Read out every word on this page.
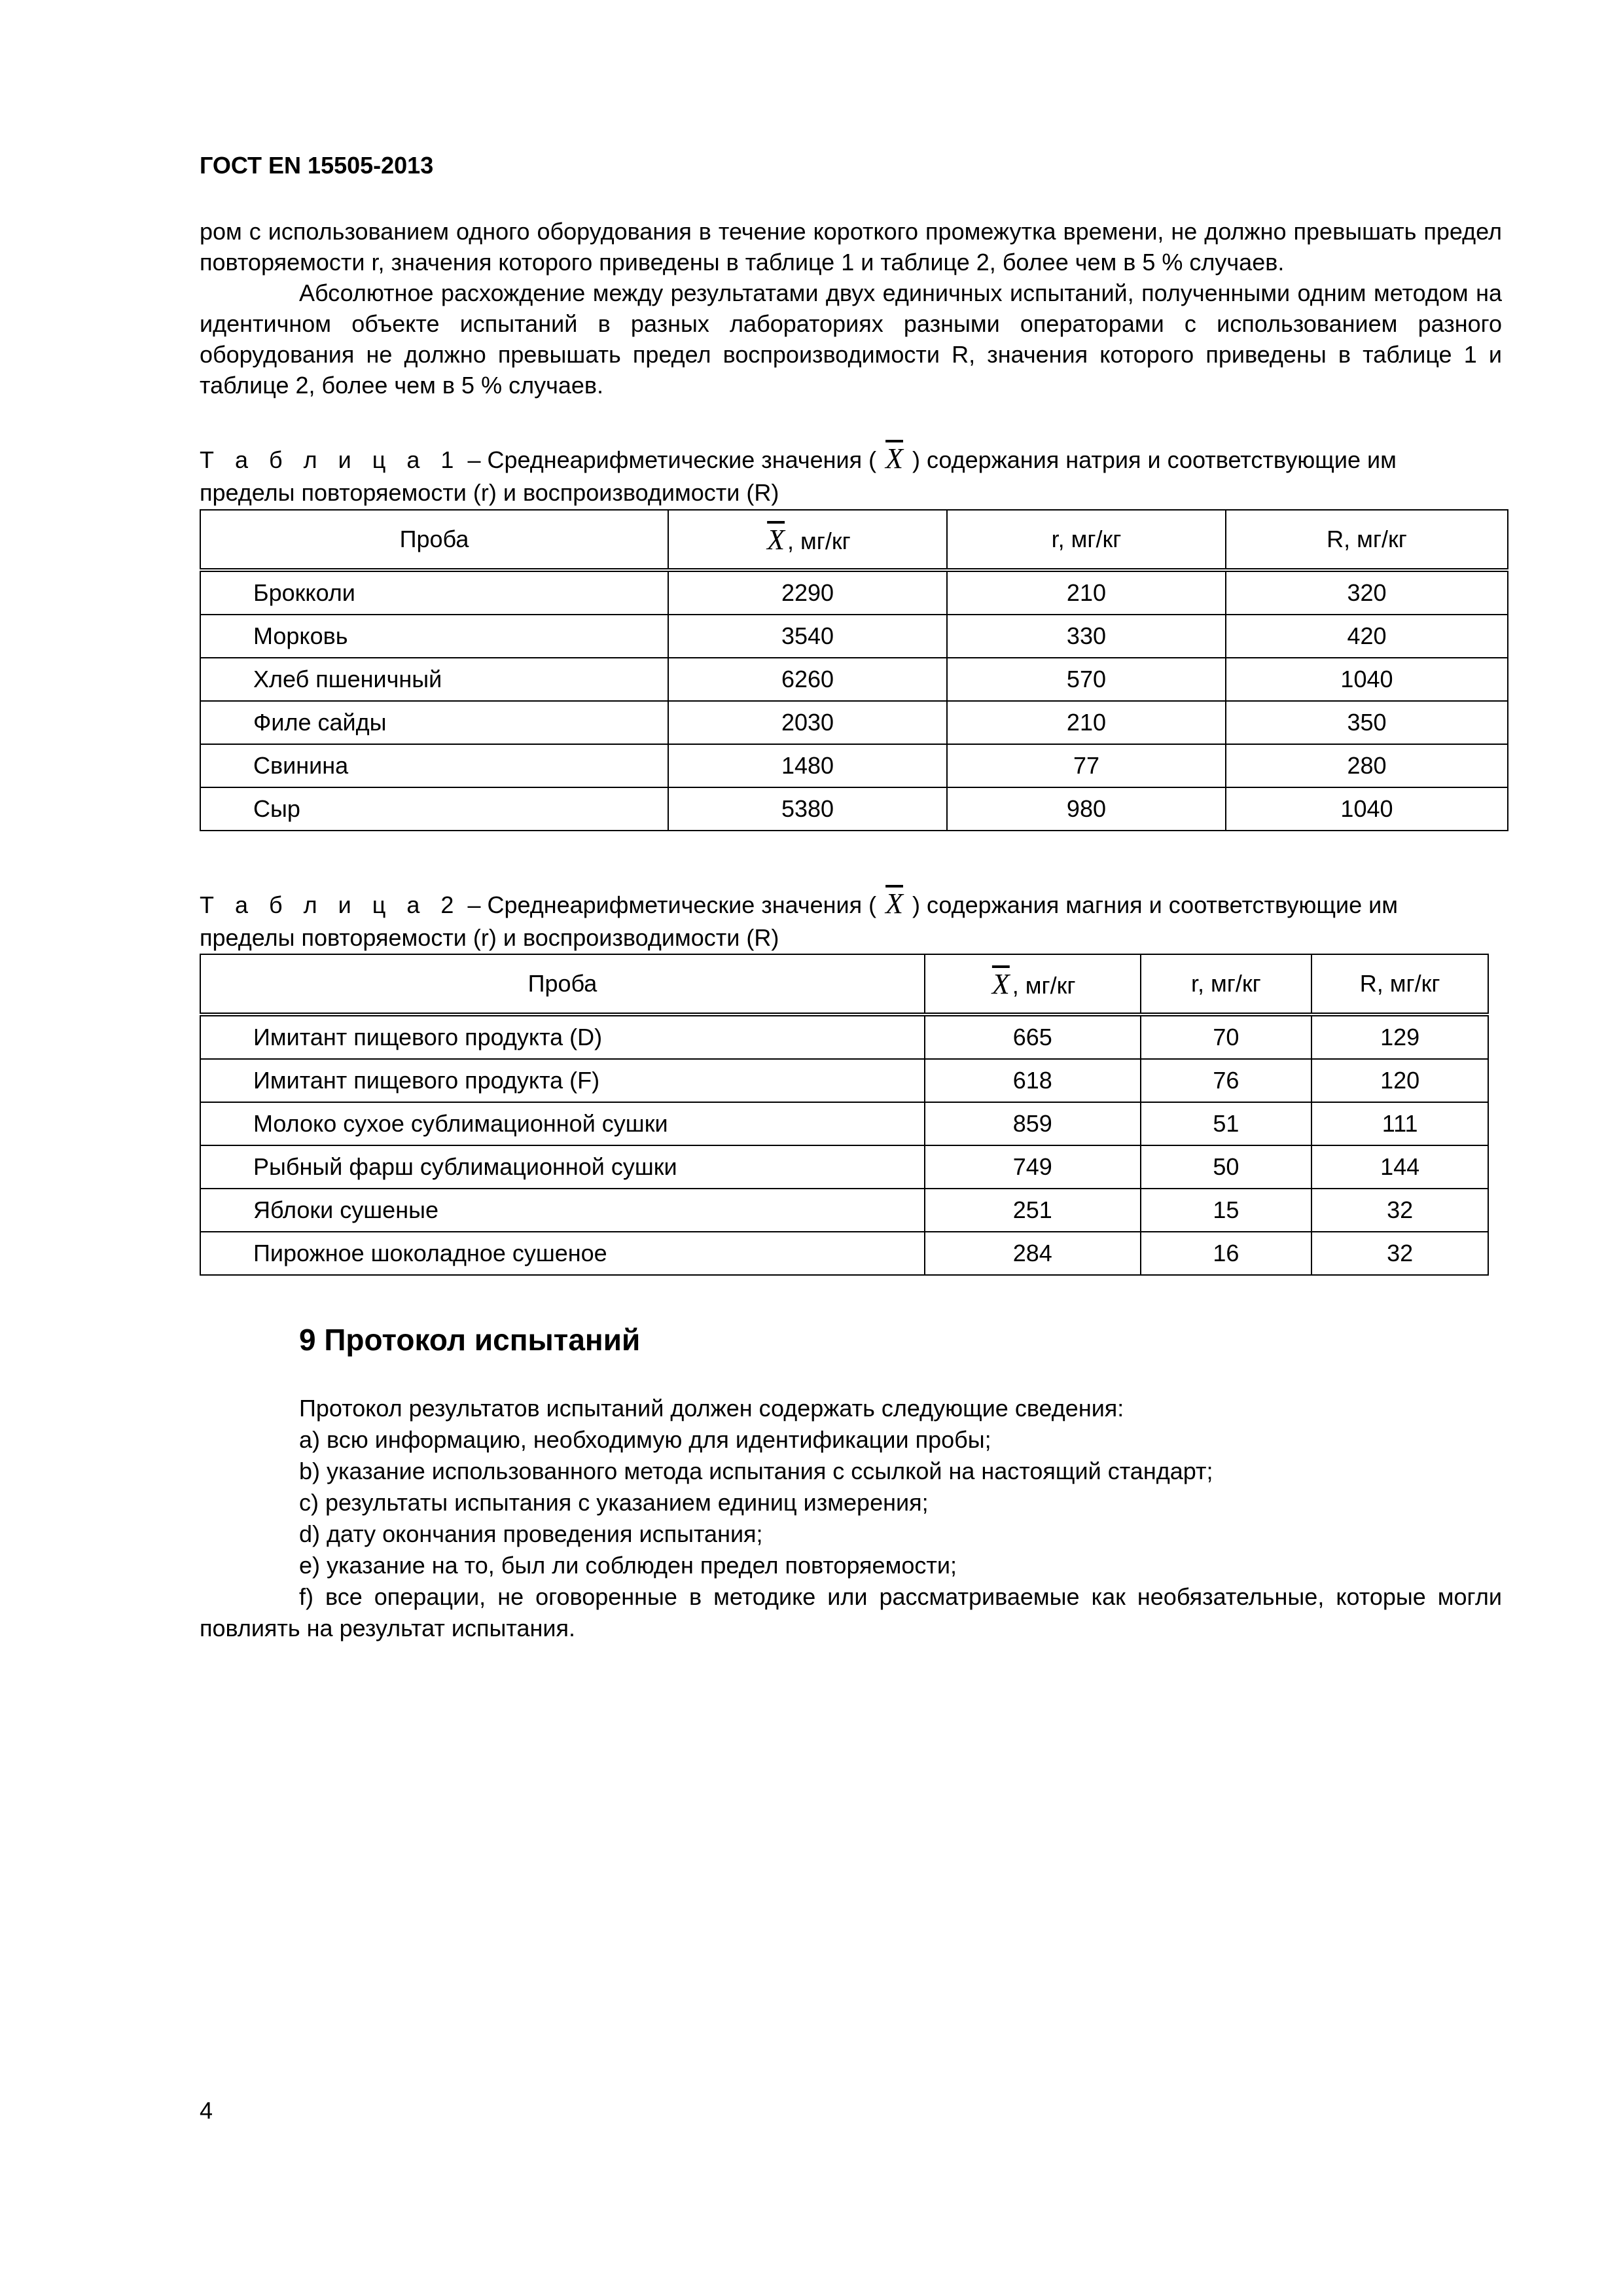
ГОСТ EN 15505-2013

ром с использованием одного оборудования в течение короткого промежутка времени, не должно превышать предел повторяемости r, значения которого приведены в таблице 1 и таблице 2, более чем в 5 % случаев.

Абсолютное расхождение между результатами двух единичных испытаний, полученными одним методом на идентичном объекте испытаний в разных лабораториях разными операторами с использованием разного оборудования не должно превышать предел воспроизводимости R, значения которого приведены в таблице 1 и таблице 2, более чем в 5 % случаев.

Т а б л и ц а 1 – Среднеарифметические значения ( $\overline{X}$ ) содержания натрия и соответствующие им
пределы повторяемости (r) и воспроизводимости (R)
Проба	$\overline{X}$ , мг/кг	r, мг/кг	R, мг/кг
Брокколи	2290	210	320
Морковь	3540	330	420
Хлеб пшеничный	6260	570	1040
Филе сайды	2030	210	350
Свинина	1480	77	280
Сыр	5380	980	1040
Т а б л и ц а 2 – Среднеарифметические значения ( $\overline{X}$ ) содержания магния и соответствующие им
пределы повторяемости (r) и воспроизводимости (R)
Проба	$\overline{X}$ , мг/кг	r, мг/кг	R, мг/кг
Имитант пищевого продукта (D)	665	70	129
Имитант пищевого продукта (F)	618	76	120
Молоко сухое сублимационной сушки	859	51	111
Рыбный фарш сублимационной сушки	749	50	144
Яблоки сушеные	251	15	32
Пирожное шоколадное сушеное	284	16	32
9 Протокол испытаний

Протокол результатов испытаний должен содержать следующие сведения:

а) всю информацию, необходимую для идентификации пробы;

b) указание использованного метода испытания с ссылкой на настоящий стандарт;

c) результаты испытания с указанием единиц измерения;

d) дату окончания проведения испытания;

e) указание на то, был ли соблюден предел повторяемости;

f) все операции, не оговоренные в методике или рассматриваемые как необязательные, которые могли повлиять на результат испытания.

4
